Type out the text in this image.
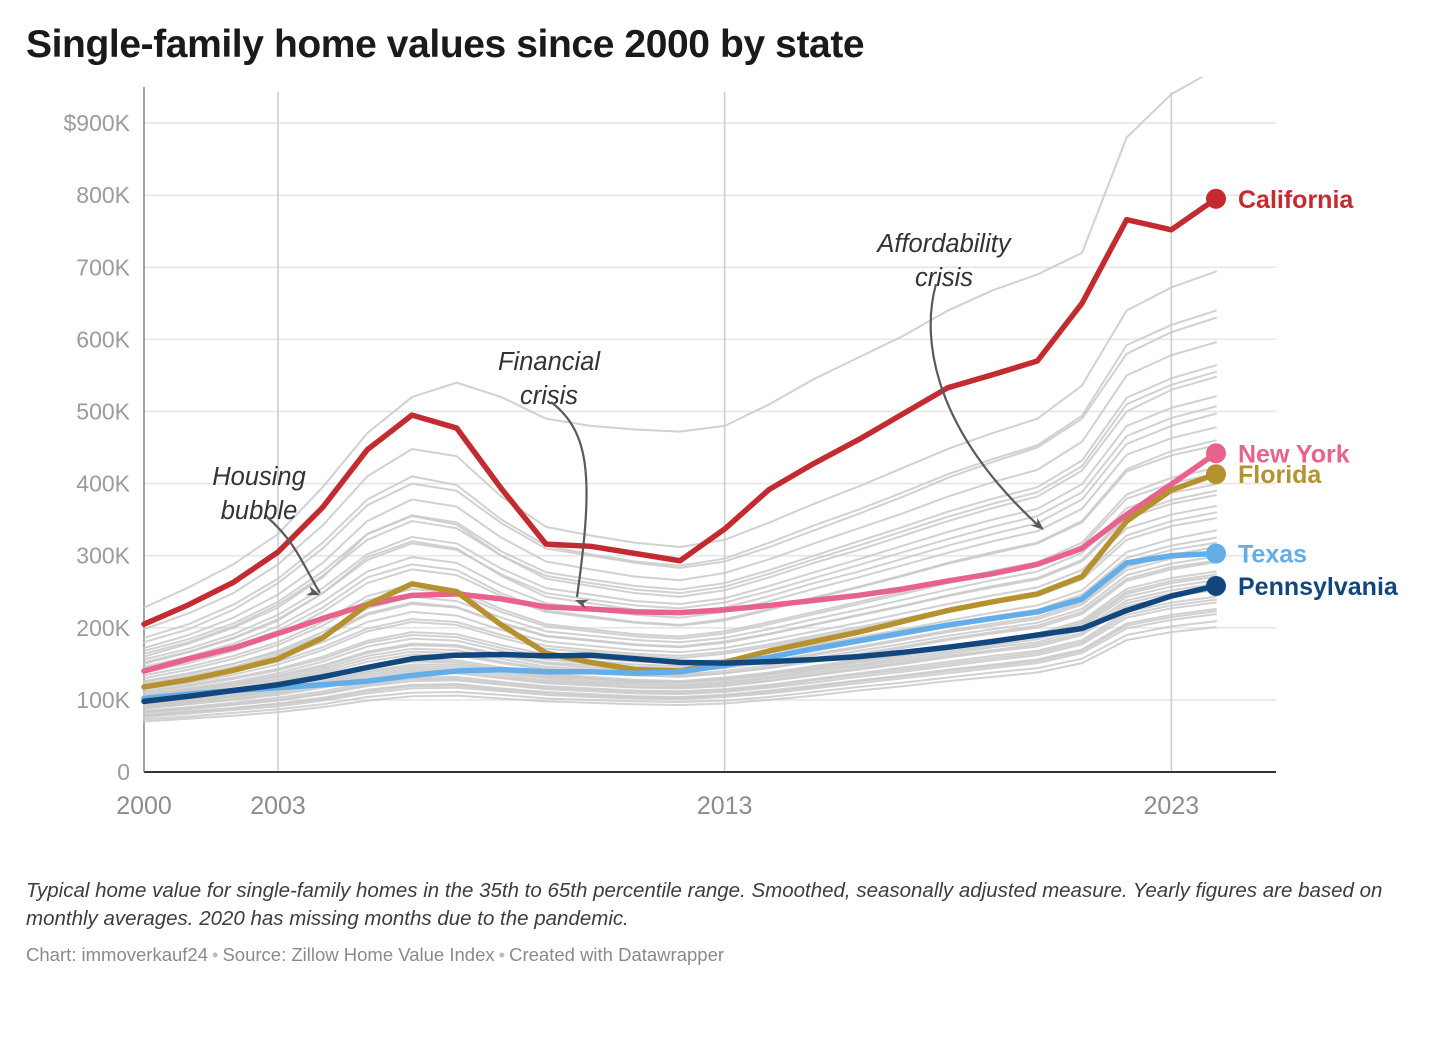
Single-family home values since 2000 by state
0
100K
200K
300K
400K
500K
600K
700K
800K
$900K
2000	2003	2013	2023
California
New York
Florida
Texas
Pennsylvania
Housing
bubble
Financial
crisis
Affordability
crisis

Typical home value for single-family homes in the 35th to 65th percentile range. Smoothed, seasonally adjusted measure. Yearly figures are based on monthly averages. 2020 has missing months due to the pandemic.

Chart: immoverkauf24 • Source: Zillow Home Value Index • Created with Datawrapper
